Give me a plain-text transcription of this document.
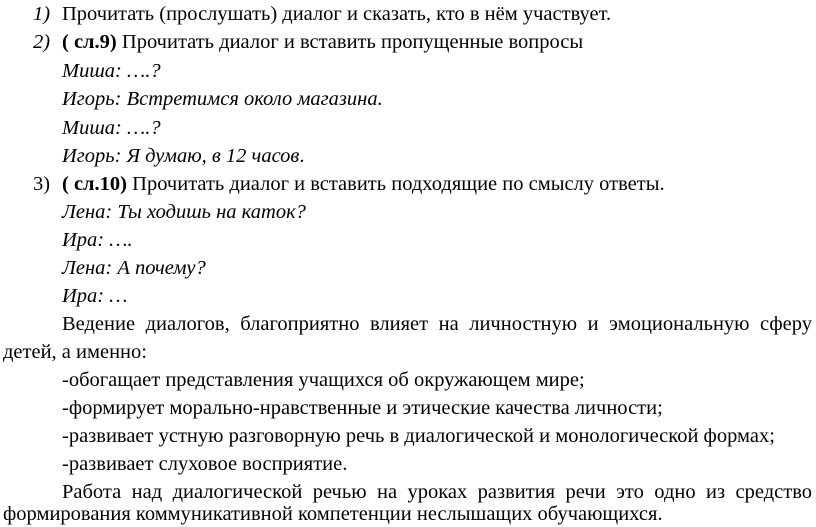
1) Прочитать (прослушать) диалог и сказать, кто в нём участвует.
2) ( сл.9) Прочитать диалог и вставить пропущенные вопросы
Миша: ….?
Игорь: Встретимся около магазина.
Миша: ….?
Игорь: Я думаю, в 12 часов.
3) ( сл.10) Прочитать диалог и вставить подходящие по смыслу ответы.
Лена: Ты ходишь на каток?
Ира: ….
Лена: А почему?
Ира: …
Ведение диалогов, благоприятно влияет на личностную и эмоциональную сферу
детей, а именно:
-обогащает представления учащихся об окружающем мире;
-формирует морально-нравственные и этические качества личности;
-развивает устную разговорную речь в диалогической и монологической формах;
-развивает слуховое восприятие.
Работа над диалогической речью на уроках развития речи это одно из средство
формирования коммуникативной компетенции неслышащих обучающихся.
